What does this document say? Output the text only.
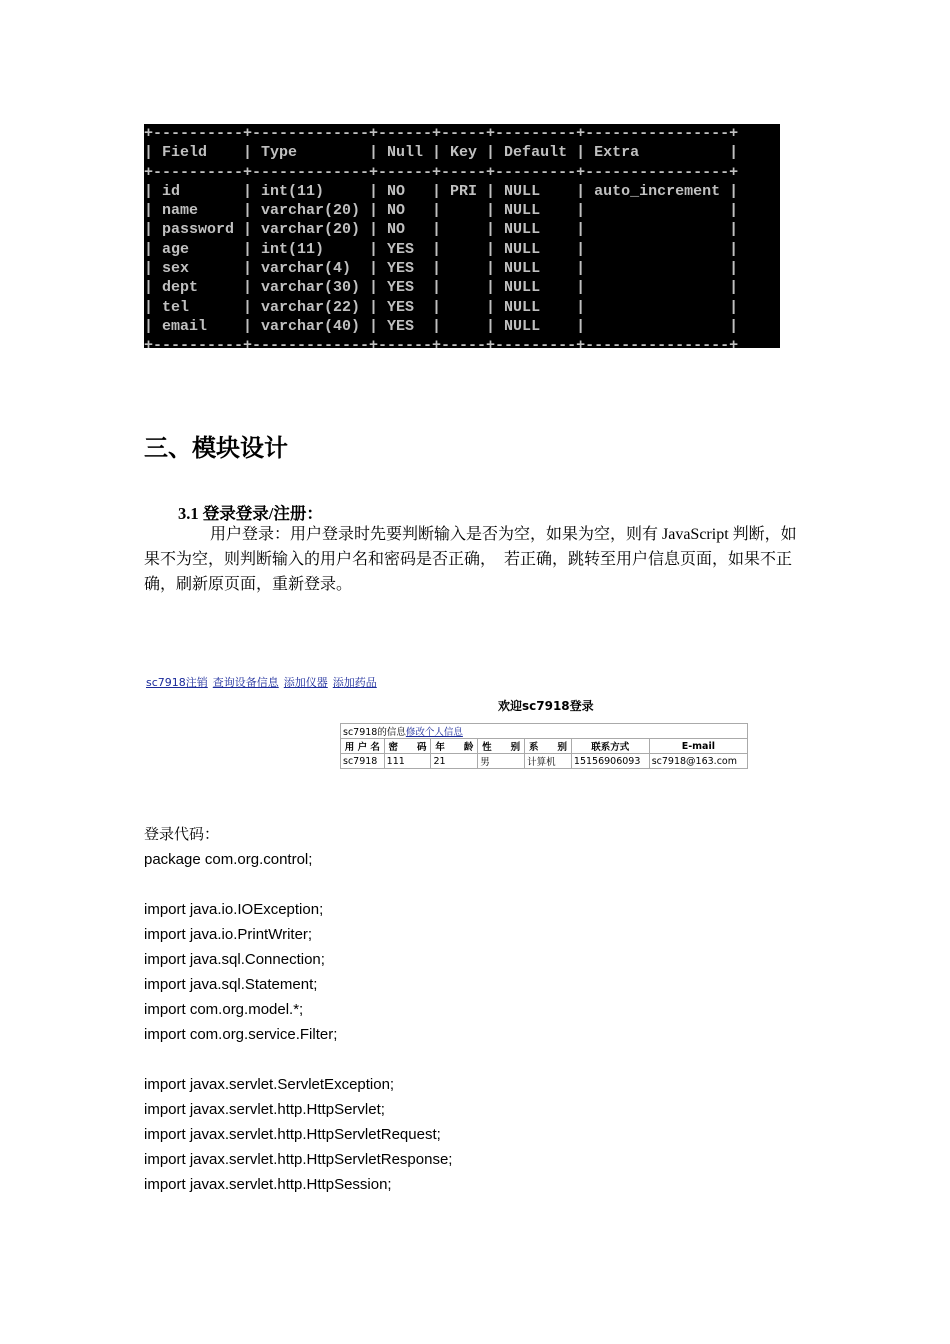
+----------+-------------+------+-----+---------+----------------+
| Field    | Type        | Null | Key | Default | Extra          |
+----------+-------------+------+-----+---------+----------------+
| id       | int(11)     | NO   | PRI | NULL    | auto_increment |
| name     | varchar(20) | NO   |     | NULL    |                |
| password | varchar(20) | NO   |     | NULL    |                |
| age      | int(11)     | YES  |     | NULL    |                |
| sex      | varchar(4)  | YES  |     | NULL    |                |
| dept     | varchar(30) | YES  |     | NULL    |                |
| tel      | varchar(22) | YES  |     | NULL    |                |
| email    | varchar(40) | YES  |     | NULL    |                |
+----------+-------------+------+-----+---------+----------------+
三、模块设计
3.1 登录登录/注册：

用户登录：用户登录时先要判断输入是否为空，如果为空，则有 JavaScript 判断，如果不为空，则判断输入的用户名和密码是否正确，　若正确，跳转至用户信息页面，如果不正确，刷新原页面，重新登录。

sc7918注销 查询设备信息 添加仪器 添加药品
欢迎sc7918登录
sc7918的信息修改个人信息						
用 户 名	密　　码	年　　龄	性　　别	系　　别	联系方式	E-mail
sc7918	111	21	男	计算机	15156906093	sc7918@163.com
登录代码：
package com.org.control;
import java.io.IOException;
import java.io.PrintWriter;
import java.sql.Connection;
import java.sql.Statement;
import com.org.model.*;
import com.org.service.Filter;
import javax.servlet.ServletException;
import javax.servlet.http.HttpServlet;
import javax.servlet.http.HttpServletRequest;
import javax.servlet.http.HttpServletResponse;
import javax.servlet.http.HttpSession;
